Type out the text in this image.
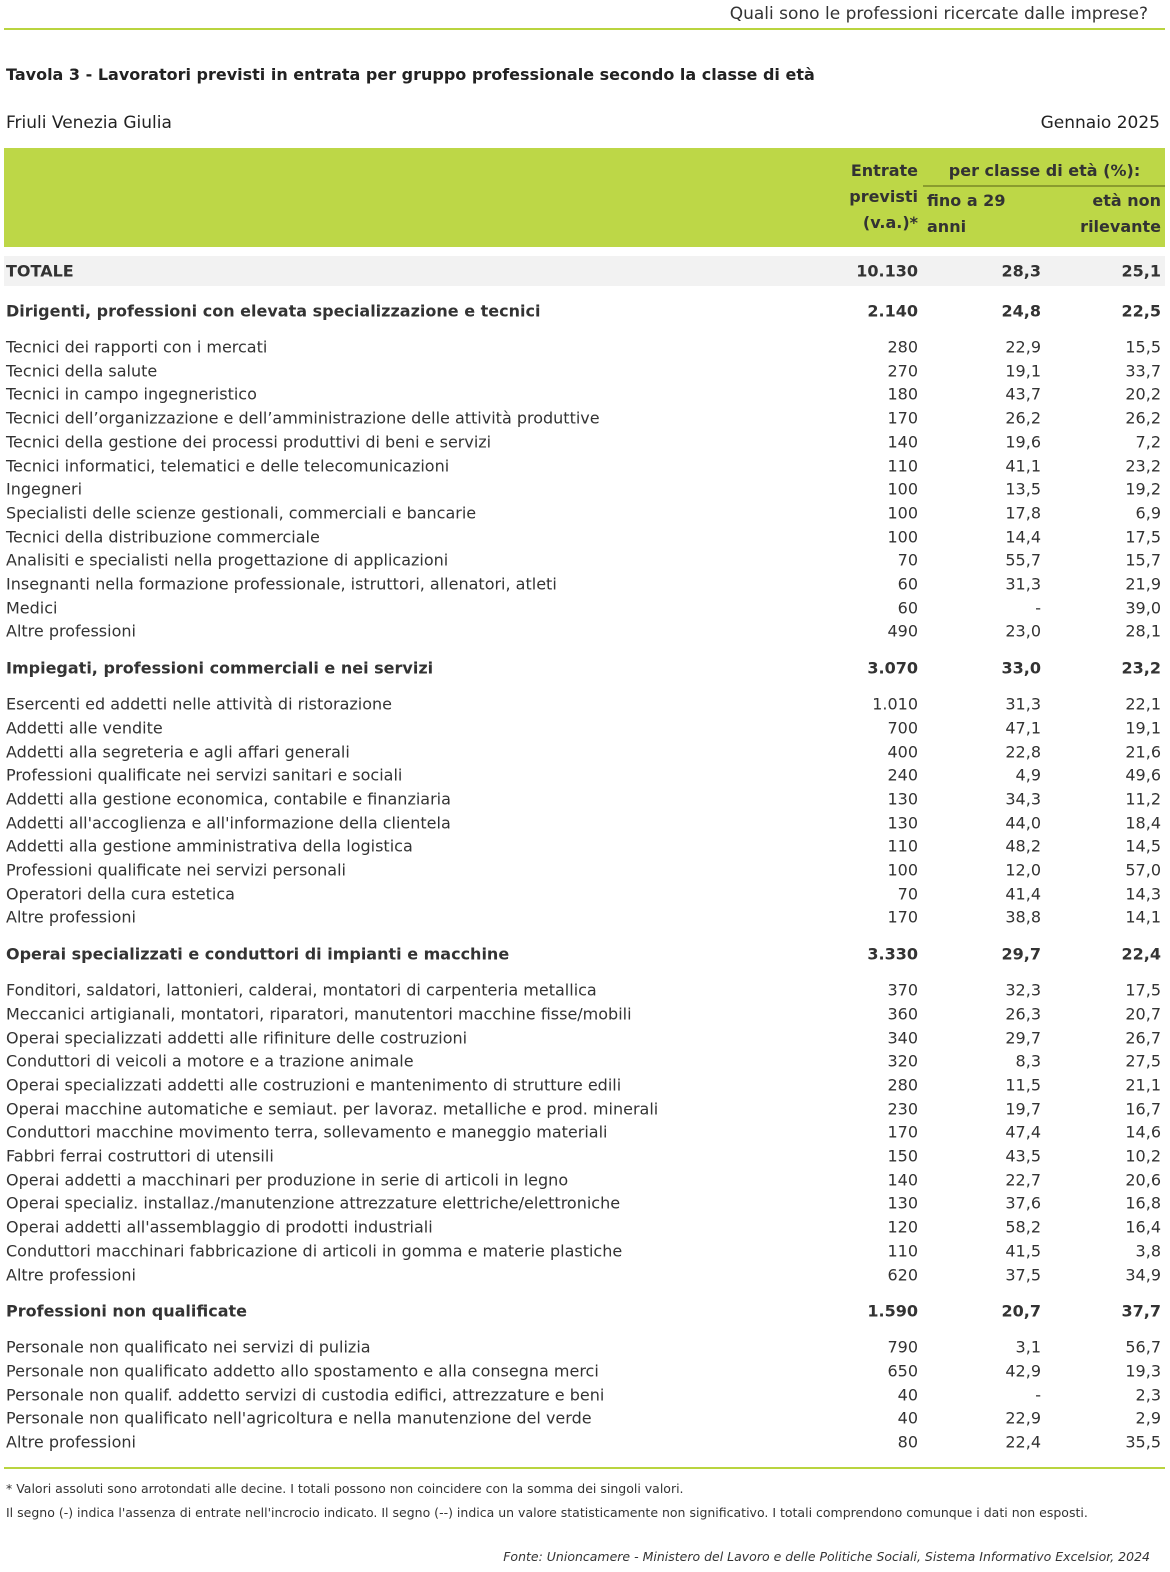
Quali sono le professioni ricercate dalle imprese?
Tavola 3 - Lavoratori previsti in entrata per gruppo professionale secondo la classe di età
Friuli Venezia Giulia	Gennaio 2025
Entrate
previsti
(v.a.)*
per classe di età (%):
fino a 29 anni
età non
rilevante
TOTALE	10.130	28,3	25,1
Dirigenti, professioni con elevata specializzazione e tecnici	2.140	24,8	22,5
Tecnici dei rapporti con i mercati	280	22,9	15,5
Tecnici della salute	270	19,1	33,7
Tecnici in campo ingegneristico	180	43,7	20,2
Tecnici dell’organizzazione e dell’amministrazione delle attività produttive	170	26,2	26,2
Tecnici della gestione dei processi produttivi di beni e servizi	140	19,6	7,2
Tecnici informatici, telematici e delle telecomunicazioni	110	41,1	23,2
Ingegneri	100	13,5	19,2
Specialisti delle scienze gestionali, commerciali e bancarie	100	17,8	6,9
Tecnici della distribuzione commerciale	100	14,4	17,5
Analisiti e specialisti nella progettazione di applicazioni	70	55,7	15,7
Insegnanti nella formazione professionale, istruttori, allenatori, atleti	60	31,3	21,9
Medici	60	-	39,0
Altre professioni	490	23,0	28,1
Impiegati, professioni commerciali e nei servizi	3.070	33,0	23,2
Esercenti ed addetti nelle attività di ristorazione	1.010	31,3	22,1
Addetti alle vendite	700	47,1	19,1
Addetti alla segreteria e agli affari generali	400	22,8	21,6
Professioni qualificate nei servizi sanitari e sociali	240	4,9	49,6
Addetti alla gestione economica, contabile e finanziaria	130	34,3	11,2
Addetti all'accoglienza e all'informazione della clientela	130	44,0	18,4
Addetti alla gestione amministrativa della logistica	110	48,2	14,5
Professioni qualificate nei servizi personali	100	12,0	57,0
Operatori della cura estetica	70	41,4	14,3
Altre professioni	170	38,8	14,1
Operai specializzati e conduttori di impianti e macchine	3.330	29,7	22,4
Fonditori, saldatori, lattonieri, calderai, montatori di carpenteria metallica	370	32,3	17,5
Meccanici artigianali, montatori, riparatori, manutentori macchine fisse/mobili	360	26,3	20,7
Operai specializzati addetti alle rifiniture delle costruzioni	340	29,7	26,7
Conduttori di veicoli a motore e a trazione animale	320	8,3	27,5
Operai specializzati addetti alle costruzioni e mantenimento di strutture edili	280	11,5	21,1
Operai macchine automatiche e semiaut. per lavoraz. metalliche e prod. minerali	230	19,7	16,7
Conduttori macchine movimento terra, sollevamento e maneggio materiali	170	47,4	14,6
Fabbri ferrai costruttori di utensili	150	43,5	10,2
Operai addetti a macchinari per produzione in serie di articoli in legno	140	22,7	20,6
Operai specializ. installaz./manutenzione attrezzature elettriche/elettroniche	130	37,6	16,8
Operai addetti all'assemblaggio di prodotti industriali	120	58,2	16,4
Conduttori macchinari fabbricazione di articoli in gomma e materie plastiche	110	41,5	3,8
Altre professioni	620	37,5	34,9
Professioni non qualificate	1.590	20,7	37,7
Personale non qualificato nei servizi di pulizia	790	3,1	56,7
Personale non qualificato addetto allo spostamento e alla consegna merci	650	42,9	19,3
Personale non qualif. addetto servizi di custodia edifici, attrezzature e beni	40	-	2,3
Personale non qualificato nell'agricoltura e nella manutenzione del verde	40	22,9	2,9
Altre professioni	80	22,4	35,5
* Valori assoluti sono arrotondati alle decine. I totali possono non coincidere con la somma dei singoli valori.
Il segno (-) indica l'assenza di entrate nell'incrocio indicato. Il segno (--) indica un valore statisticamente non significativo. I totali comprendono comunque i dati non esposti.
Fonte: Unioncamere - Ministero del Lavoro e delle Politiche Sociali, Sistema Informativo Excelsior, 2024
